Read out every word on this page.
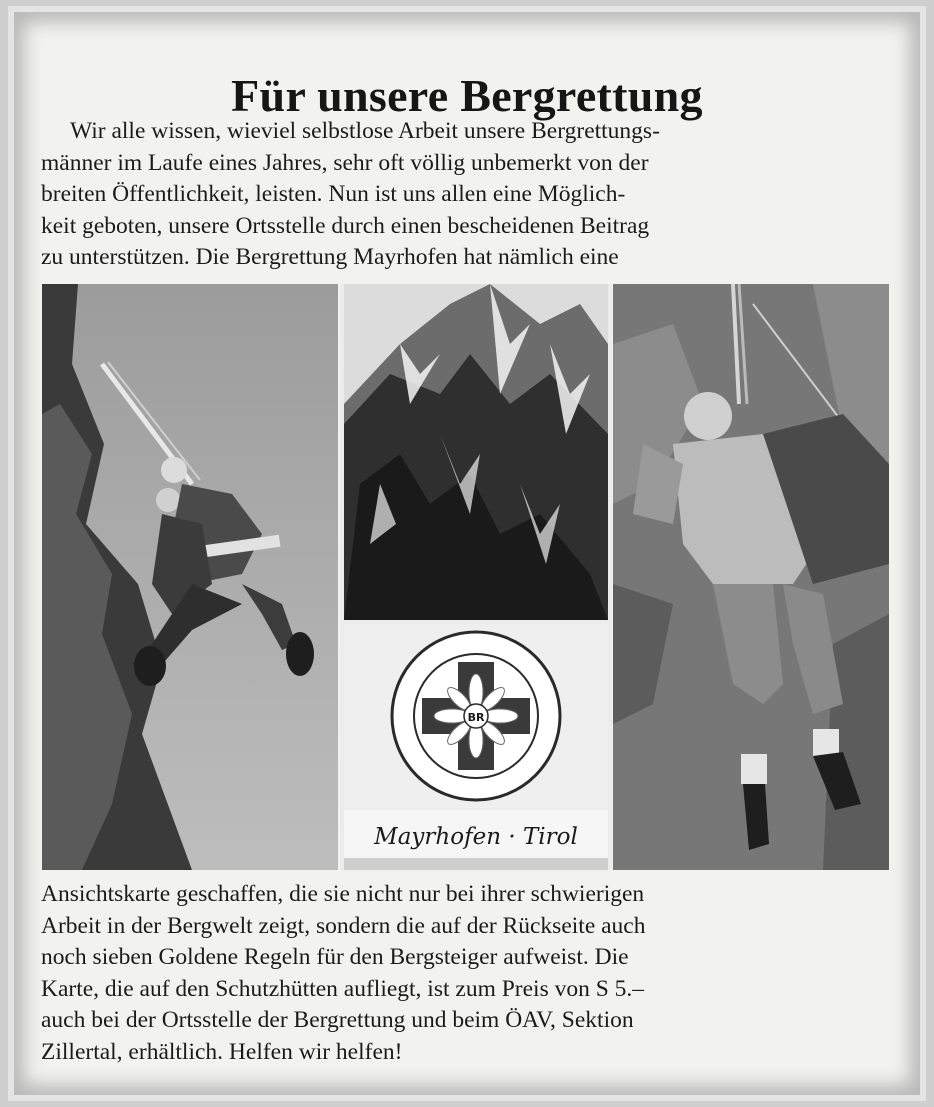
Für unsere Bergrettung

Wir alle wissen, wieviel selbstlose Arbeit unsere Bergrettungs-
männer im Laufe eines Jahres, sehr oft völlig unbemerkt von der
breiten Öffentlichkeit, leisten. Nun ist uns allen eine Möglich-
keit geboten, unsere Ortsstelle durch einen bescheidenen Beitrag
zu unterstützen. Die Bergrettung Mayrhofen hat nämlich eine

BR
Mayrhofen · Tirol

Ansichtskarte geschaffen, die sie nicht nur bei ihrer schwierigen
Arbeit in der Bergwelt zeigt, sondern die auf der Rückseite auch
noch sieben Goldene Regeln für den Bergsteiger aufweist. Die
Karte, die auf den Schutzhütten aufliegt, ist zum Preis von S 5.–
auch bei der Ortsstelle der Bergrettung und beim ÖAV, Sektion
Zillertal, erhältlich. Helfen wir helfen!
